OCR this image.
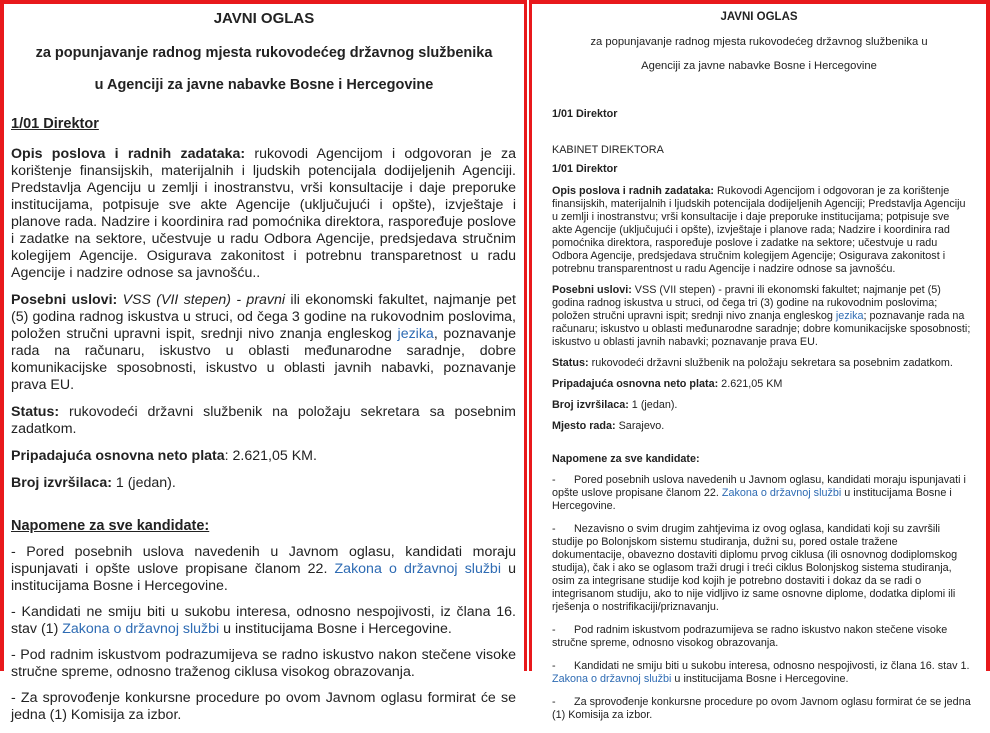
JAVNI OGLAS
za popunjavanje radnog mjesta rukovodećeg državnog službenika
u Agenciji za javne nabavke Bosne i Hercegovine
1/01 Direktor

Opis poslova i radnih zadataka: rukovodi Agencijom i odgovoran je za korištenje finansijskih, materijalnih i ljudskih potencijala dodijeljenih Agenciji. Predstavlja Agenciju u zemlji i inostranstvu, vrši konsultacije i daje preporuke institucijama, potpisuje sve akte Agencije (uključujući i opšte), izvještaje i planove rada. Nadzire i koordinira rad pomoćnika direktora, raspoređuje poslove i zadatke na sektore, učestvuje u radu Odbora Agencije, predsjedava stručnim kolegijem Agencije. Osigurava zakonitost i potrebnu transparetnost u radu Agencije i nadzire odnose sa javnošću..

Posebni uslovi: VSS (VII stepen) - pravni ili ekonomski fakultet, najmanje pet (5) godina radnog iskustva u struci, od čega 3 godine na rukovodnim poslovima, položen stručni upravni ispit, srednji nivo znanja engleskog jezika, poznavanje rada na računaru, iskustvo u oblasti međunarodne saradnje, dobre komunikacijske sposobnosti, iskustvo u oblasti javnih nabavki, poznavanje prava EU.

Status: rukovodeći državni službenik na položaju sekretara sa posebnim zadatkom.

Pripadajuća osnovna neto plata: 2.621,05 KM.

Broj izvršilaca: 1 (jedan).

Napomene za sve kandidate:

- Pored posebnih uslova navedenih u Javnom oglasu, kandidati moraju ispunjavati i opšte uslove propisane članom 22. Zakona o državnoj službi u institucijama Bosne i Hercegovine.

- Kandidati ne smiju biti u sukobu interesa, odnosno nespojivosti, iz člana 16. stav (1) Zakona o državnoj službi u institucijama Bosne i Hercegovine.

- Pod radnim iskustvom podrazumijeva se radno iskustvo nakon stečene visoke stručne spreme, odnosno traženog ciklusa visokog obrazovanja.

- Za sprovođenje konkursne procedure po ovom Javnom oglasu formirat će se jedna (1) Komisija za izbor.

JAVNI OGLAS
za popunjavanje radnog mjesta rukovodećeg državnog službenika u
Agenciji za javne nabavke Bosne i Hercegovine
1/01 Direktor
KABINET DIREKTORA
1/01 Direktor

Opis poslova i radnih zadataka: Rukovodi Agencijom i odgovoran je za korištenje finansijskih, materijalnih i ljudskih potencijala dodijeljenih Agenciji; Predstavlja Agenciju u zemlji i inostranstvu; vrši konsultacije i daje preporuke institucijama; potpisuje sve akte Agencije (uključujući i opšte), izvještaje i planove rada; Nadzire i koordinira rad pomoćnika direktora, raspoređuje poslove i zadatke na sektore; učestvuje u radu Odbora Agencije, predsjedava stručnim kolegijem Agencije; Osigurava zakonitost i potrebnu transparentnost u radu Agencije i nadzire odnose sa javnošću.

Posebni uslovi: VSS (VII stepen) - pravni ili ekonomski fakultet; najmanje pet (5) godina radnog iskustva u struci, od čega tri (3) godine na rukovodnim poslovima; položen stručni upravni ispit; srednji nivo znanja engleskog jezika; poznavanje rada na računaru; iskustvo u oblasti međunarodne saradnje; dobre komunikacijske sposobnosti; iskustvo u oblasti javnih nabavki; poznavanje prava EU.

Status: rukovodeći državni službenik na položaju sekretara sa posebnim zadatkom.

Pripadajuća osnovna neto plata: 2.621,05 KM

Broj izvršilaca: 1 (jedan).

Mjesto rada: Sarajevo.

Napomene za sve kandidate:

- Pored posebnih uslova navedenih u Javnom oglasu, kandidati moraju ispunjavati i opšte uslove propisane članom 22. Zakona o državnoj službi u institucijama Bosne i Hercegovine.

- Nezavisno o svim drugim zahtjevima iz ovog oglasa, kandidati koji su završili studije po Bolonjskom sistemu studiranja, dužni su, pored ostale tražene dokumentacije, obavezno dostaviti diplomu prvog ciklusa (ili osnovnog dodiplomskog studija), čak i ako se oglasom traži drugi i treći ciklus Bolonjskog sistema studiranja, osim za integrisane studije kod kojih je potrebno dostaviti i dokaz da se radi o integrisanom studiju, ako to nije vidljivo iz same osnovne diplome, dodatka diplomi ili rješenja o nostrifikaciji/priznavanju.

- Pod radnim iskustvom podrazumijeva se radno iskustvo nakon stečene visoke stručne spreme, odnosno visokog obrazovanja.

- Kandidati ne smiju biti u sukobu interesa, odnosno nespojivosti, iz člana 16. stav 1. Zakona o državnoj službi u institucijama Bosne i Hercegovine.

- Za sprovođenje konkursne procedure po ovom Javnom oglasu formirat će se jedna (1) Komisija za izbor.
